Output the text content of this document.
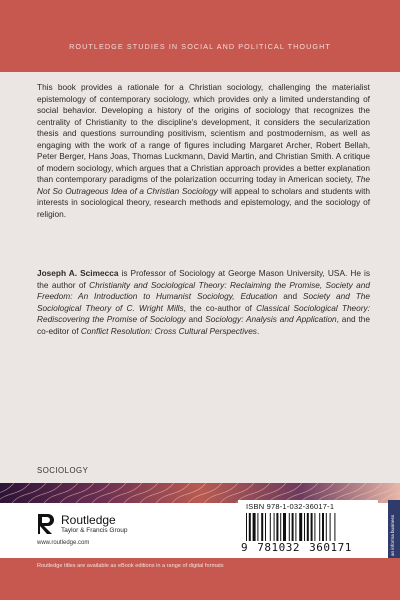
ROUTLEDGE STUDIES IN SOCIAL AND POLITICAL THOUGHT

This book provides a rationale for a Christian sociology, challenging the materialist epistemology of contemporary sociology, which provides only a limited understanding of social behavior. Developing a history of the origins of sociology that recognizes the centrality of Christianity to the discipline's development, it considers the secularization thesis and questions surrounding positivism, scientism and postmodernism, as well as engaging with the work of a range of figures including Margaret Archer, Robert Bellah, Peter Berger, Hans Joas, Thomas Luckmann, David Martin, and Christian Smith. A critique of modern sociology, which argues that a Christian approach provides a better explanation than contemporary paradigms of the polarization occurring today in American society, The Not So Outrageous Idea of a Christian Sociology will appeal to scholars and students with interests in sociological theory, research methods and epistemology, and the sociology of religion.

Joseph A. Scimecca is Professor of Sociology at George Mason University, USA. He is the author of Christianity and Sociological Theory: Reclaiming the Promise, Society and Freedom: An Introduction to Humanist Sociology, Education and Society and The Sociological Theory of C. Wright Mills, the co-author of Classical Sociological Theory: Rediscovering the Promise of Sociology and Sociology: Analysis and Application, and the co-editor of Conflict Resolution: Cross Cultural Perspectives.

SOCIOLOGY
Routledge
Taylor & Francis Group
www.routledge.com
ISBN 978-1-032-36017-1
9 781032 360171	an informa business
Routledge titles are available as eBook editions in a range of digital formats
